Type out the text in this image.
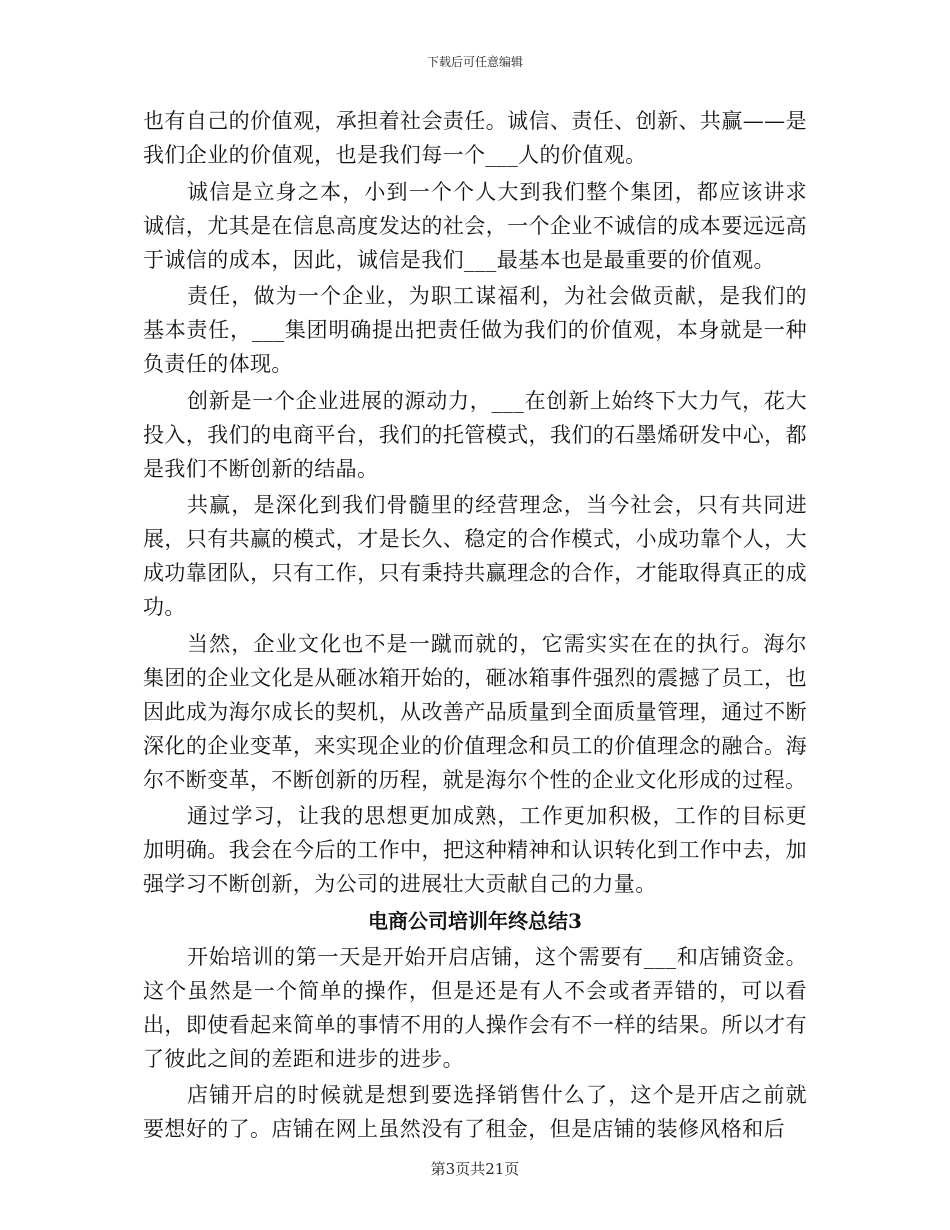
下载后可任意编辑

也有自己的价值观，承担着社会责任。诚信、责任、创新、共赢——是我们企业的价值观，也是我们每一个___人的价值观。

诚信是立身之本，小到一个个人大到我们整个集团，都应该讲求诚信，尤其是在信息高度发达的社会，一个企业不诚信的成本要远远高于诚信的成本，因此，诚信是我们___最基本也是最重要的价值观。

责任，做为一个企业，为职工谋福利，为社会做贡献，是我们的基本责任，___集团明确提出把责任做为我们的价值观，本身就是一种负责任的体现。

创新是一个企业进展的源动力，___在创新上始终下大力气，花大投入，我们的电商平台，我们的托管模式，我们的石墨烯研发中心，都是我们不断创新的结晶。

共赢，是深化到我们骨髓里的经营理念，当今社会，只有共同进展，只有共赢的模式，才是长久、稳定的合作模式，小成功靠个人，大成功靠团队，只有工作，只有秉持共赢理念的合作，才能取得真正的成功。

当然，企业文化也不是一蹴而就的，它需实实在在的执行。海尔集团的企业文化是从砸冰箱开始的，砸冰箱事件强烈的震撼了员工，也因此成为海尔成长的契机，从改善产品质量到全面质量管理，通过不断深化的企业变革，来实现企业的价值理念和员工的价值理念的融合。海尔不断变革，不断创新的历程，就是海尔个性的企业文化形成的过程。

通过学习，让我的思想更加成熟，工作更加积极，工作的目标更加明确。我会在今后的工作中，把这种精神和认识转化到工作中去，加强学习不断创新，为公司的进展壮大贡献自己的力量。

电商公司培训年终总结3

开始培训的第一天是开始开启店铺，这个需要有___和店铺资金。这个虽然是一个简单的操作，但是还是有人不会或者弄错的，可以看出，即使看起来简单的事情不用的人操作会有不一样的结果。所以才有了彼此之间的差距和进步的进步。

店铺开启的时候就是想到要选择销售什么了，这个是开店之前就要想好的了。店铺在网上虽然没有了租金，但是店铺的装修风格和后

第3页共21页
